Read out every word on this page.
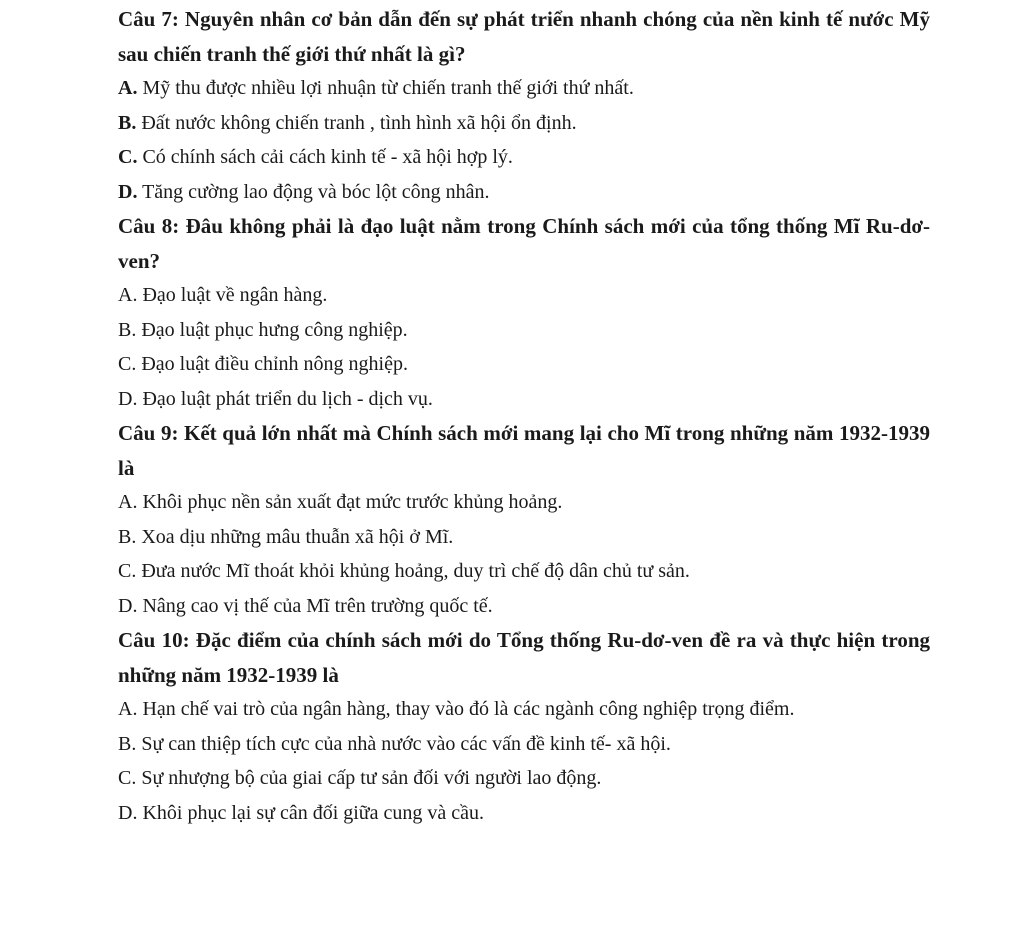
Câu 7: Nguyên nhân cơ bản dẫn đến sự phát triển nhanh chóng của nền kinh tế nước Mỹ sau chiến tranh thế giới thứ nhất là gì?

A. Mỹ thu được nhiều lợi nhuận từ chiến tranh thế giới thứ nhất.

B. Đất nước không chiến tranh , tình hình xã hội ổn định.

C. Có chính sách cải cách kinh tế - xã hội hợp lý.

D. Tăng cường lao động và bóc lột công nhân.

Câu 8: Đâu không phải là đạo luật nằm trong Chính sách mới của tổng thống Mĩ Ru-dơ-ven?

A. Đạo luật về ngân hàng.

B. Đạo luật phục hưng công nghiệp.

C. Đạo luật điều chỉnh nông nghiệp.

D. Đạo luật phát triển du lịch - dịch vụ.

Câu 9: Kết quả lớn nhất mà Chính sách mới mang lại cho Mĩ trong những năm 1932-1939 là

A. Khôi phục nền sản xuất đạt mức trước khủng hoảng.

B. Xoa dịu những mâu thuẫn xã hội ở Mĩ.

C. Đưa nước Mĩ thoát khỏi khủng hoảng, duy trì chế độ dân chủ tư sản.

D. Nâng cao vị thế của Mĩ trên trường quốc tế.

Câu 10: Đặc điểm của chính sách mới do Tổng thống Ru-dơ-ven đề ra và thực hiện trong những năm 1932-1939 là

A. Hạn chế vai trò của ngân hàng, thay vào đó là các ngành công nghiệp trọng điểm.

B. Sự can thiệp tích cực của nhà nước vào các vấn đề kinh tế- xã hội.

C. Sự nhượng bộ của giai cấp tư sản đối với người lao động.

D. Khôi phục lại sự cân đối giữa cung và cầu.
